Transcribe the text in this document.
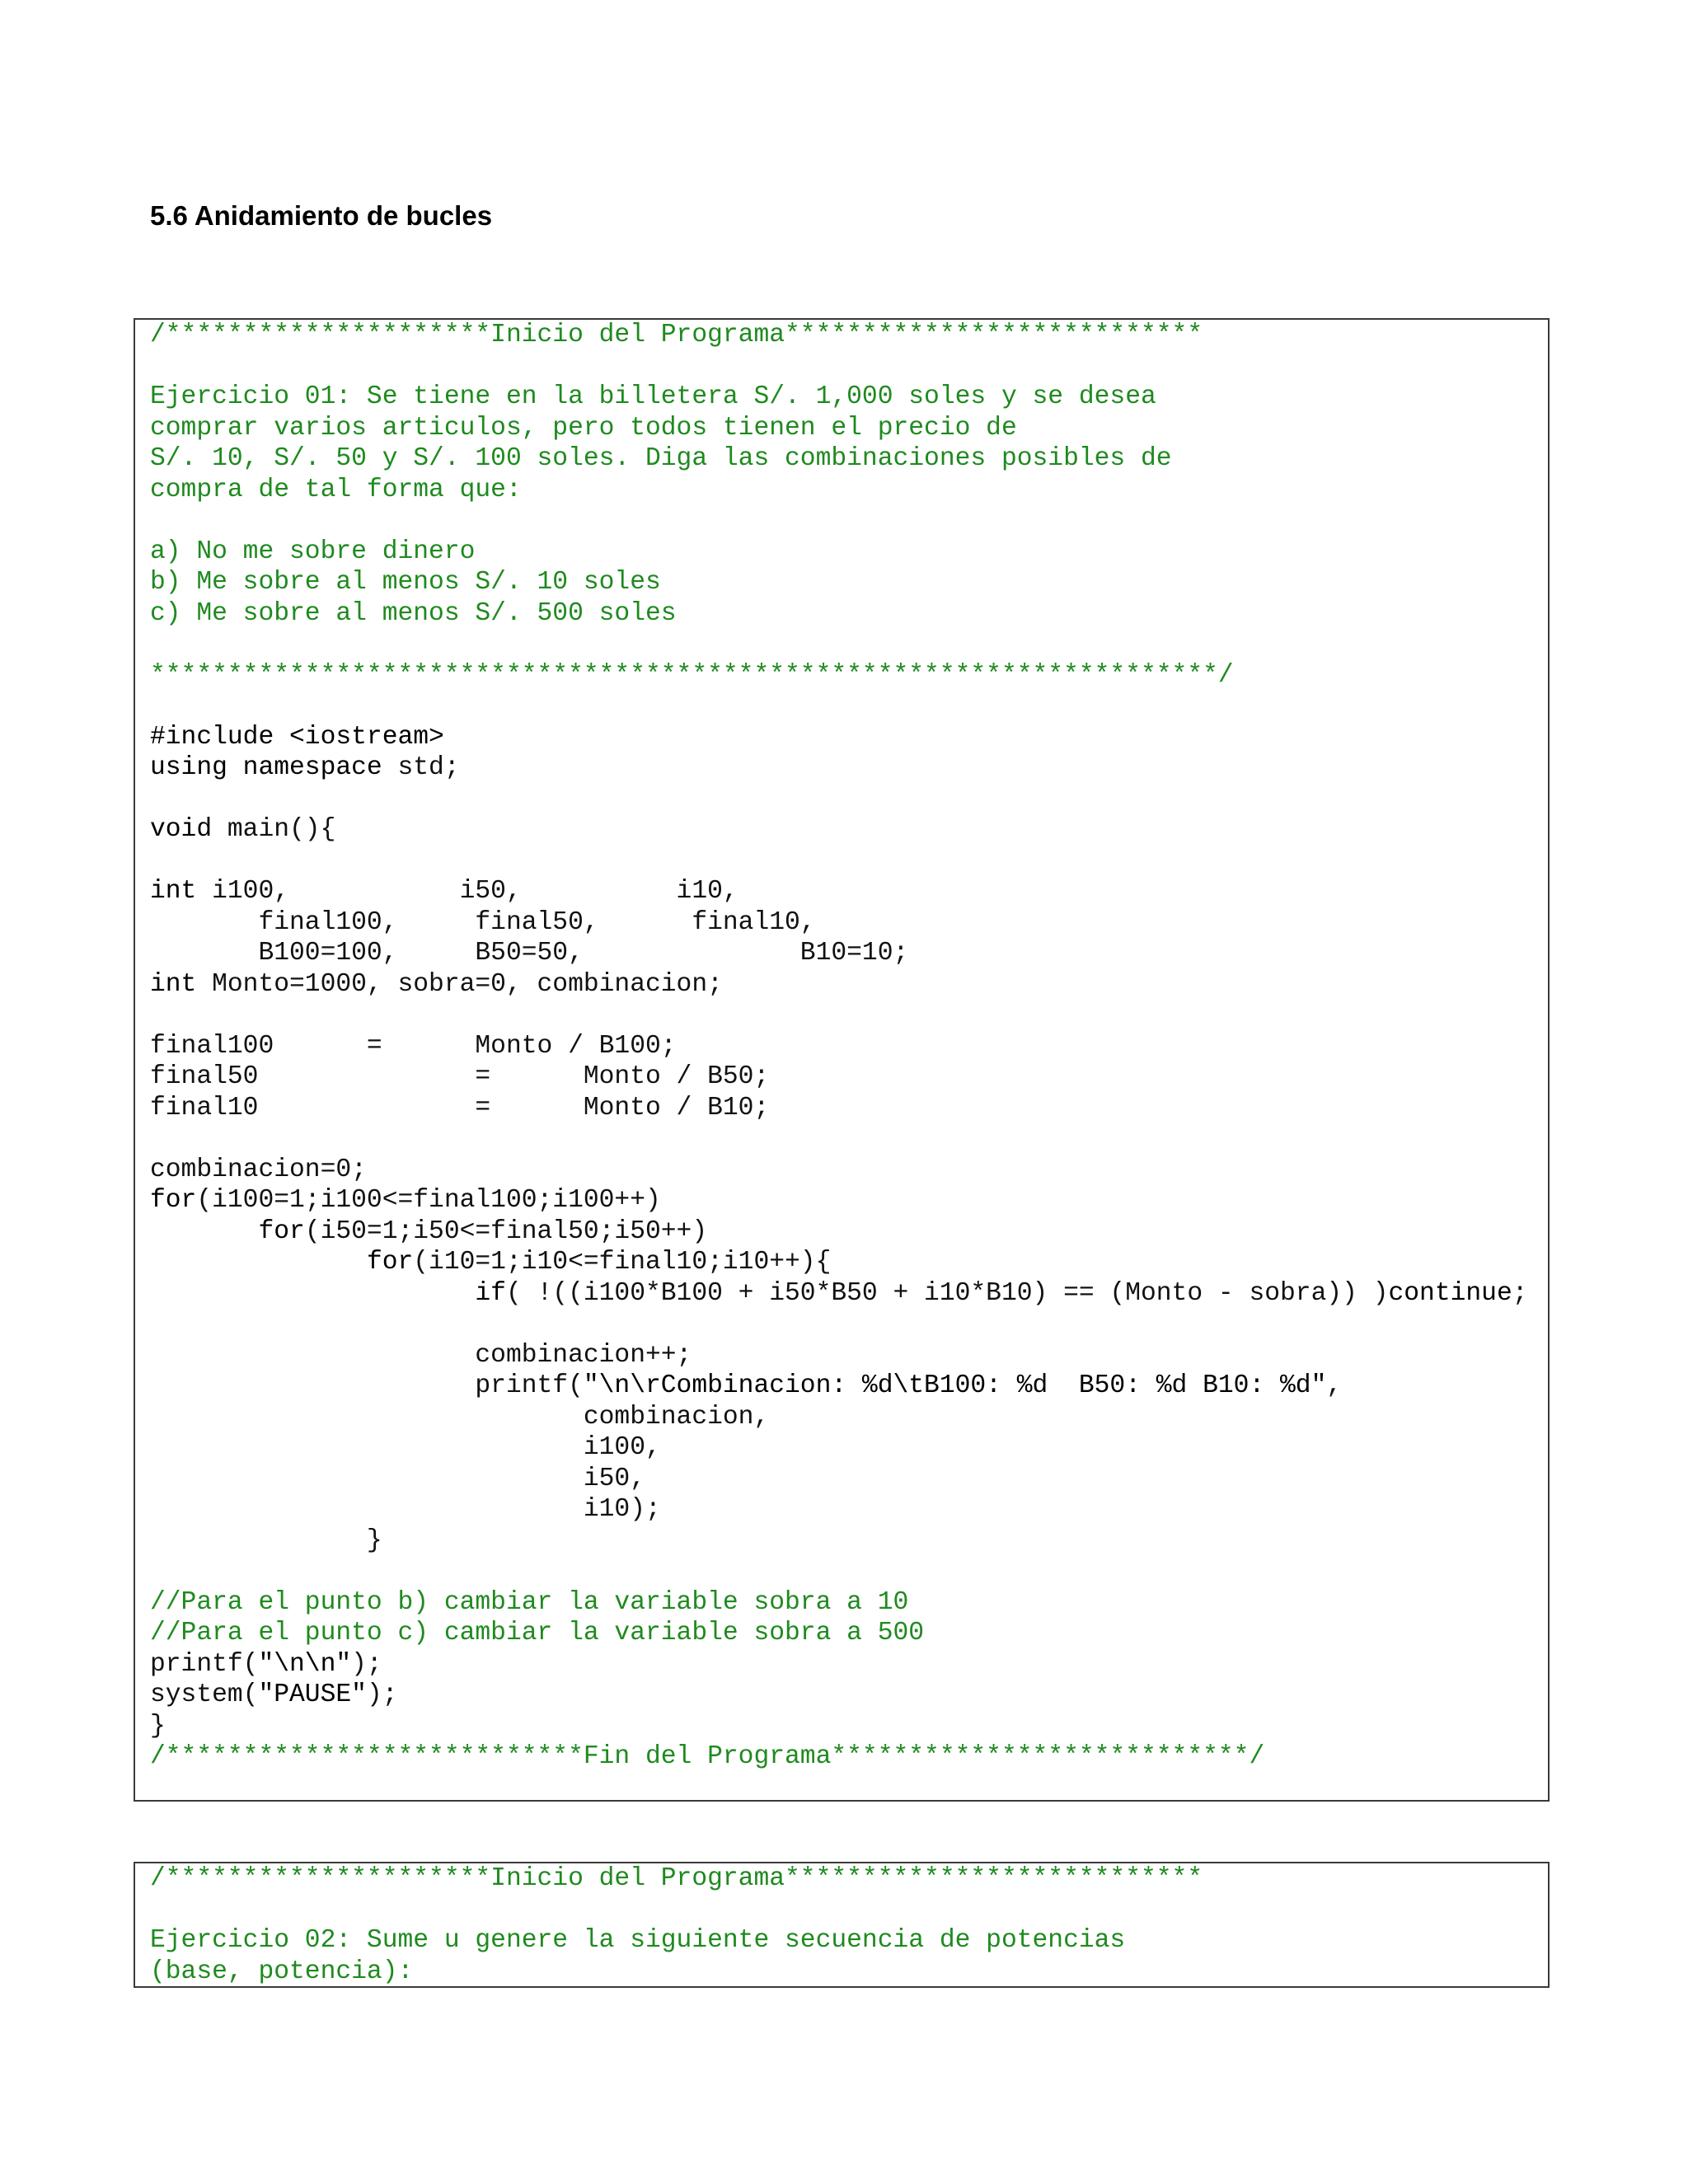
5.6 Anidamiento de bucles
/*********************Inicio del Programa***************************

Ejercicio 01: Se tiene en la billetera S/. 1,000 soles y se desea
comprar varios articulos, pero todos tienen el precio de
S/. 10, S/. 50 y S/. 100 soles. Diga las combinaciones posibles de
compra de tal forma que:

a) No me sobre dinero
b) Me sobre al menos S/. 10 soles
c) Me sobre al menos S/. 500 soles

*********************************************************************/

#include <iostream>
using namespace std;

void main(){

int i100,           i50,          i10,
final100,     final50,      final10,
B100=100,     B50=50,              B10=10;
int Monto=1000, sobra=0, combinacion;

final100      =      Monto / B100;
final50              =      Monto / B50;
final10              =      Monto / B10;

combinacion=0;
for(i100=1;i100<=final100;i100++)
for(i50=1;i50<=final50;i50++)
for(i10=1;i10<=final10;i10++){
if( !((i100*B100 + i50*B50 + i10*B10) == (Monto - sobra)) )continue;

combinacion++;
printf("\n\rCombinacion: %d\tB100: %d  B50: %d B10: %d",
combinacion,
i100,
i50,
i10);
}

//Para el punto b) cambiar la variable sobra a 10
//Para el punto c) cambiar la variable sobra a 500
printf("\n\n");
system("PAUSE");
}
/***************************Fin del Programa***************************/
/*********************Inicio del Programa***************************

Ejercicio 02: Sume u genere la siguiente secuencia de potencias
(base, potencia):
